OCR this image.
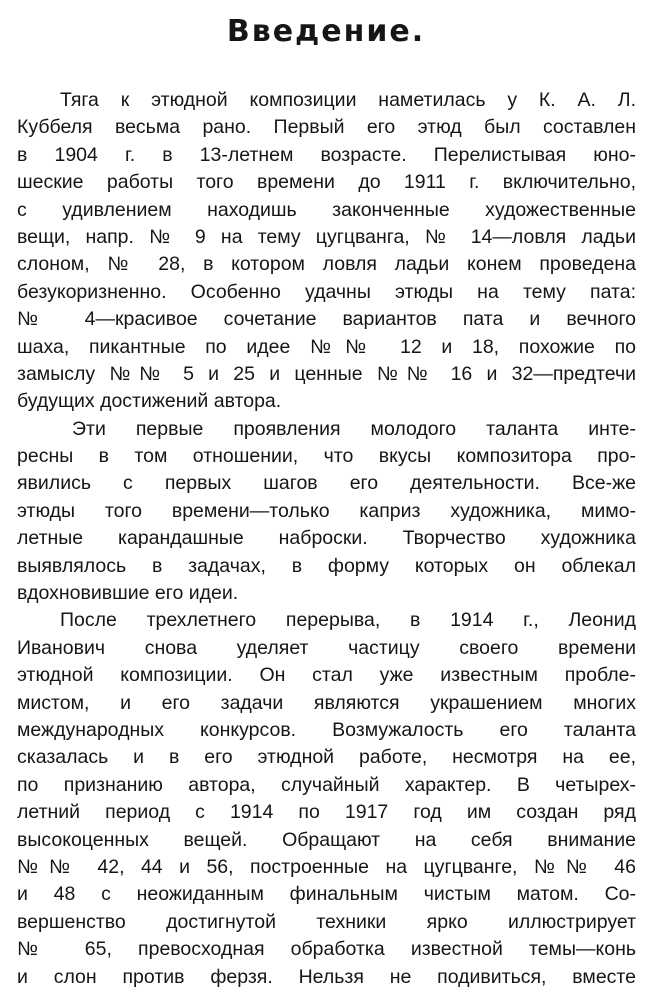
Введение.
Тяга к этюдной композиции наметилась у К. А. Л.
Куббеля весьма рано. Первый его этюд был составлен
в 1904 г. в 13-летнем возрасте. Перелистывая юно-
шеские работы того времени до 1911 г. включительно,
с удивлением находишь законченные художественные
вещи, напр. № 9 на тему цугцванга, № 14—ловля ладьи
слоном, № 28, в котором ловля ладьи конем проведена
безукоризненно. Особенно удачны этюды на тему пата:
№ 4—красивое сочетание вариантов пата и вечного
шаха, пикантные по идее №№ 12 и 18, похожие по
замыслу №№ 5 и 25 и ценные №№ 16 и 32—предтечи
будущих достижений автора.
Эти первые проявления молодого таланта инте-
ресны в том отношении, что вкусы композитора про-
явились с первых шагов его деятельности. Все-же
этюды того времени—только каприз художника, мимо-
летные карандашные наброски. Творчество художника
выявлялось в задачах, в форму которых он облекал
вдохновившие его идеи.
После трехлетнего перерыва, в 1914 г., Леонид
Иванович снова уделяет частицу своего времени
этюдной композиции. Он стал уже известным пробле-
мистом, и его задачи являются украшением многих
международных конкурсов. Возмужалость его таланта
сказалась и в его этюдной работе, несмотря на ее,
по признанию автора, случайный характер. В четырех-
летний период с 1914 по 1917 год им создан ряд
высокоценных вещей. Обращают на себя внимание
№№ 42, 44 и 56, построенные на цугцванге, №№ 46
и 48 с неожиданным финальным чистым матом. Со-
вершенство достигнутой техники ярко иллюстрирует
№ 65, превосходная обработка известной темы—конь
и слон против ферзя. Нельзя не подивиться, вместе
